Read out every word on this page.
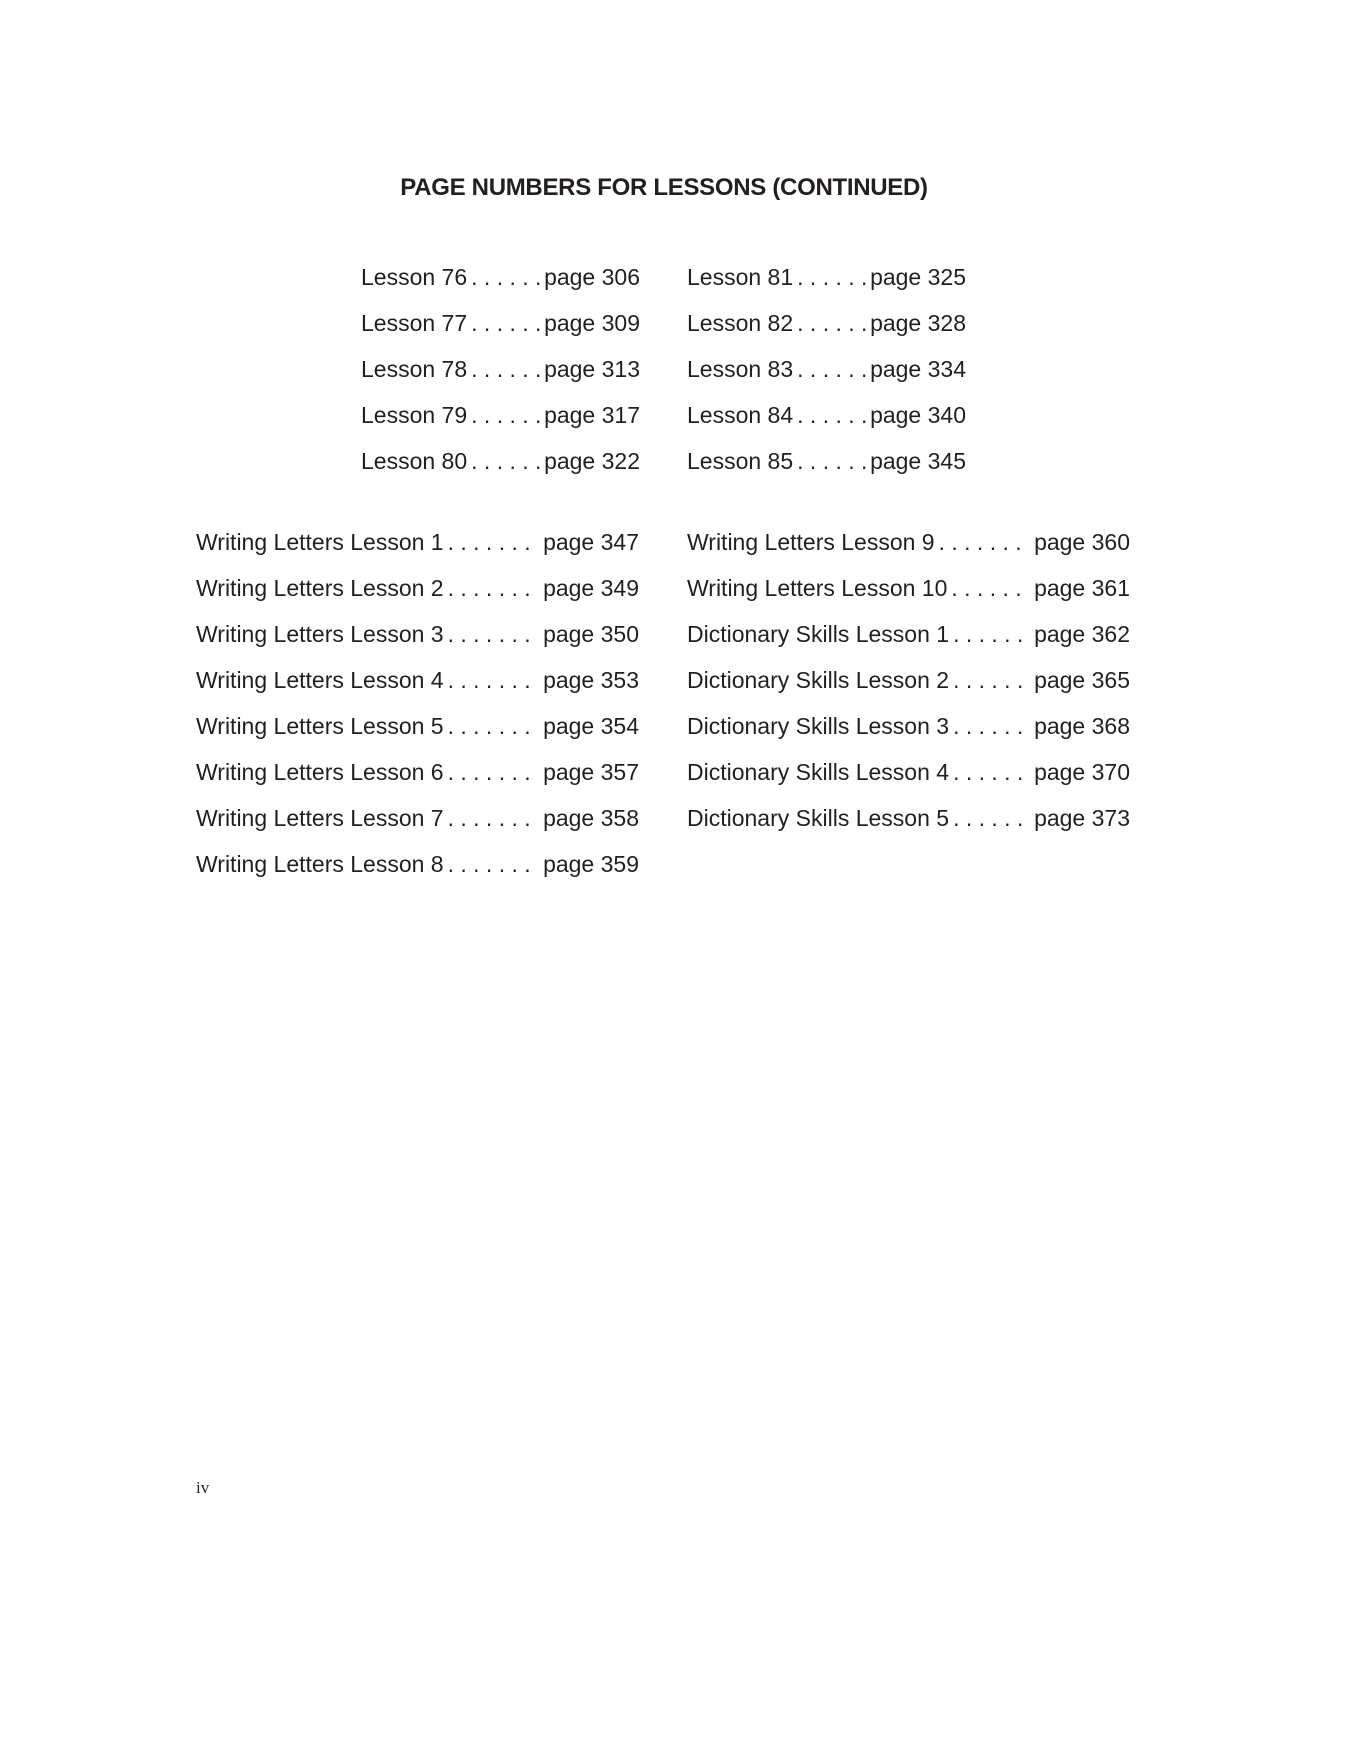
PAGE NUMBERS FOR LESSONS (CONTINUED)
Lesson 76 . . .	page 306
Lesson 77 . . .	page 309
Lesson 78 . . .	page 313
Lesson 79 . . .	page 317
Lesson 80 . . .	page 322
Lesson 81 . . .	page 325
Lesson 82 . . .	page 328
Lesson 83 . . .	page 334
Lesson 84 . . .	page 340
Lesson 85 . . .	page 345
Writing Letters Lesson 1 . . .	page 347
Writing Letters Lesson 2 . . .	page 349
Writing Letters Lesson 3 . . .	page 350
Writing Letters Lesson 4 . . .	page 353
Writing Letters Lesson 5 . . .	page 354
Writing Letters Lesson 6 . . .	page 357
Writing Letters Lesson 7 . . .	page 358
Writing Letters Lesson 8 . . .	page 359
Writing Letters Lesson 9 . . .	page 360
Writing Letters Lesson 10 . . .	page 361
Dictionary Skills Lesson 1 . . .	page 362
Dictionary Skills Lesson 2 . . .	page 365
Dictionary Skills Lesson 3 . . .	page 368
Dictionary Skills Lesson 4 . . .	page 370
Dictionary Skills Lesson 5 . . .	page 373
iv
